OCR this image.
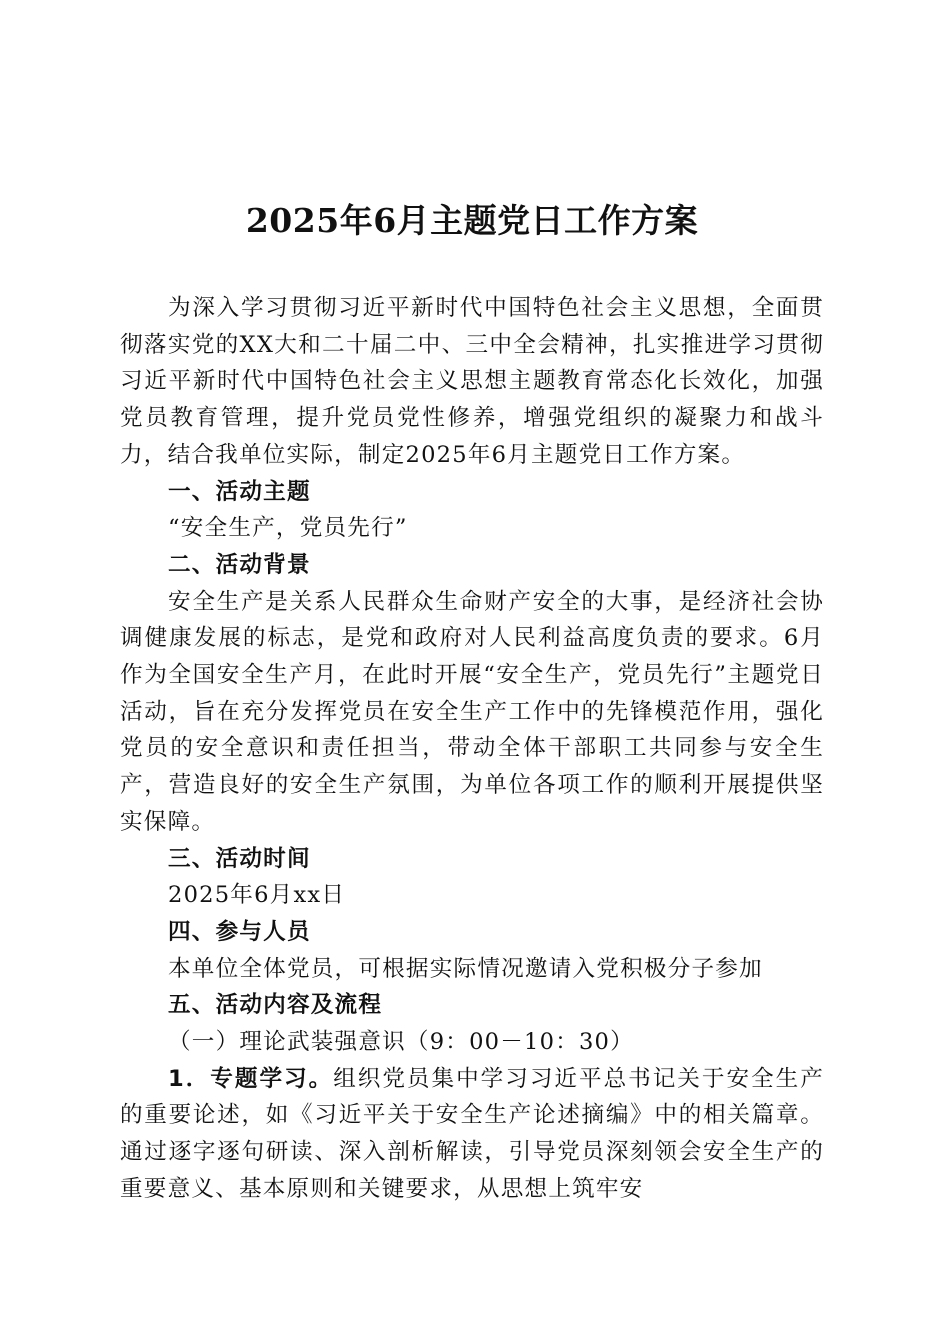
2025年6月主题党日工作方案

为深入学习贯彻习近平新时代中国特色社会主义思想，全面贯彻落实党的XX大和二十届二中、三中全会精神，扎实推进学习贯彻习近平新时代中国特色社会主义思想主题教育常态化长效化，加强党员教育管理，提升党员党性修养，增强党组织的凝聚力和战斗力，结合我单位实际，制定2025年6月主题党日工作方案。

一、活动主题

“安全生产，党员先行”

二、活动背景

安全生产是关系人民群众生命财产安全的大事，是经济社会协调健康发展的标志，是党和政府对人民利益高度负责的要求。6月作为全国安全生产月，在此时开展“安全生产，党员先行”主题党日活动，旨在充分发挥党员在安全生产工作中的先锋模范作用，强化党员的安全意识和责任担当，带动全体干部职工共同参与安全生产，营造良好的安全生产氛围，为单位各项工作的顺利开展提供坚实保障。

三、活动时间

2025年6月xx日

四、参与人员

本单位全体党员，可根据实际情况邀请入党积极分子参加

五、活动内容及流程

（一）理论武装强意识（9：00－10：30）

1．专题学习。组织党员集中学习习近平总书记关于安全生产的重要论述，如《习近平关于安全生产论述摘编》中的相关篇章。通过逐字逐句研读、深入剖析解读，引导党员深刻领会安全生产的重要意义、基本原则和关键要求，从思想上筑牢安
